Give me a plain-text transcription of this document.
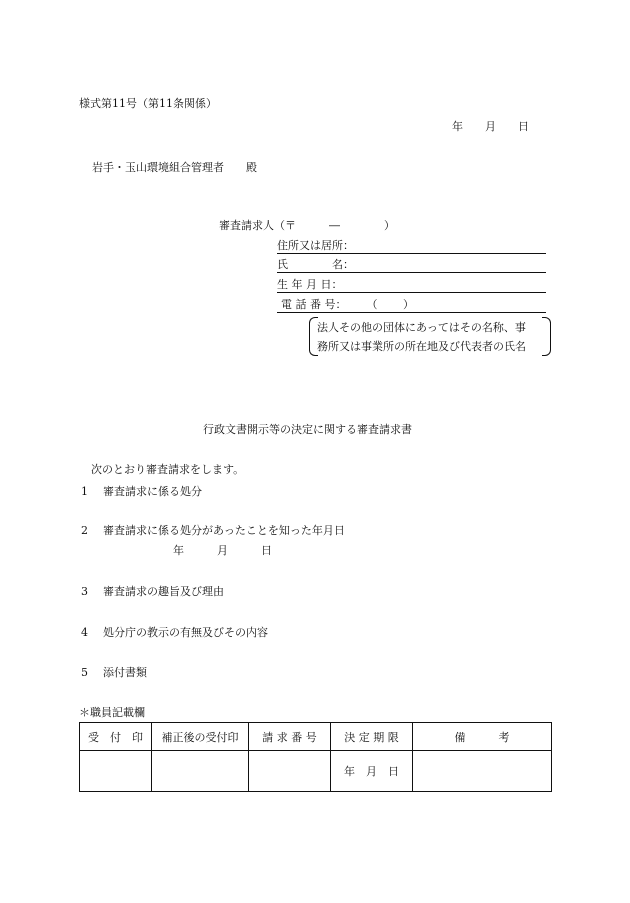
様式第11号（第11条関係）
年　　月　　日
岩手・玉山環境組合管理者　　殿
審査請求人（〒　　　―　　　　）
住所又は居所：
氏　　　　名：
生 年 月 日：
電 話 番 号：　　 （　　 ）
法人その他の団体にあってはその名称、事
務所又は事業所の所在地及び代表者の氏名
行政文書開示等の決定に関する審査請求書
次のとおり審査請求をします。
1 審査請求に係る処分
2 審査請求に係る処分があったことを知った年月日
年　　　月　　　日
3 審査請求の趣旨及び理由
4 処分庁の教示の有無及びその内容
5 添付書類
＊職員記載欄
受　付　印	補正後の受付印	請 求 番 号	決 定 期 限	備　　　考
			年　月　日	
